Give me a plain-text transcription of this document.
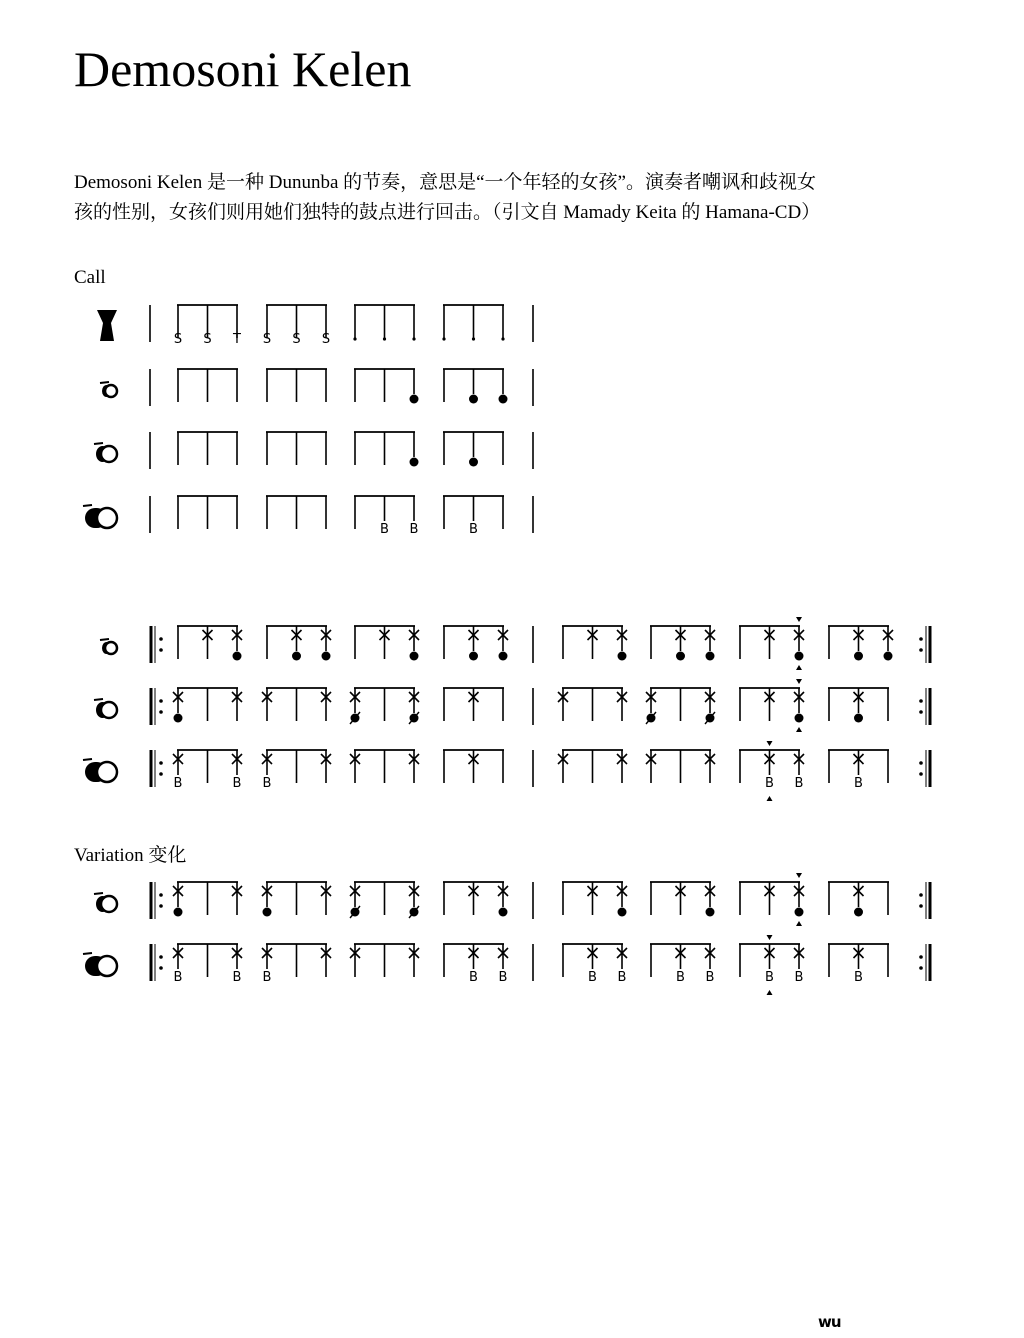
Demosoni Kelen

Demosoni Kelen 是一种 Dununba 的节奏，意思是“一个年轻的女孩”。演奏者嘲讽和歧视女

孩的性别，女孩们则用她们独特的鼓点进行回击。（引文自 Mamady Keita 的 Hamana-CD）

Call
Variation 变化
S S T S S S
B B	B
B	B B	B B	B
B	B B	B B	B B	B B	B B	B
wu
